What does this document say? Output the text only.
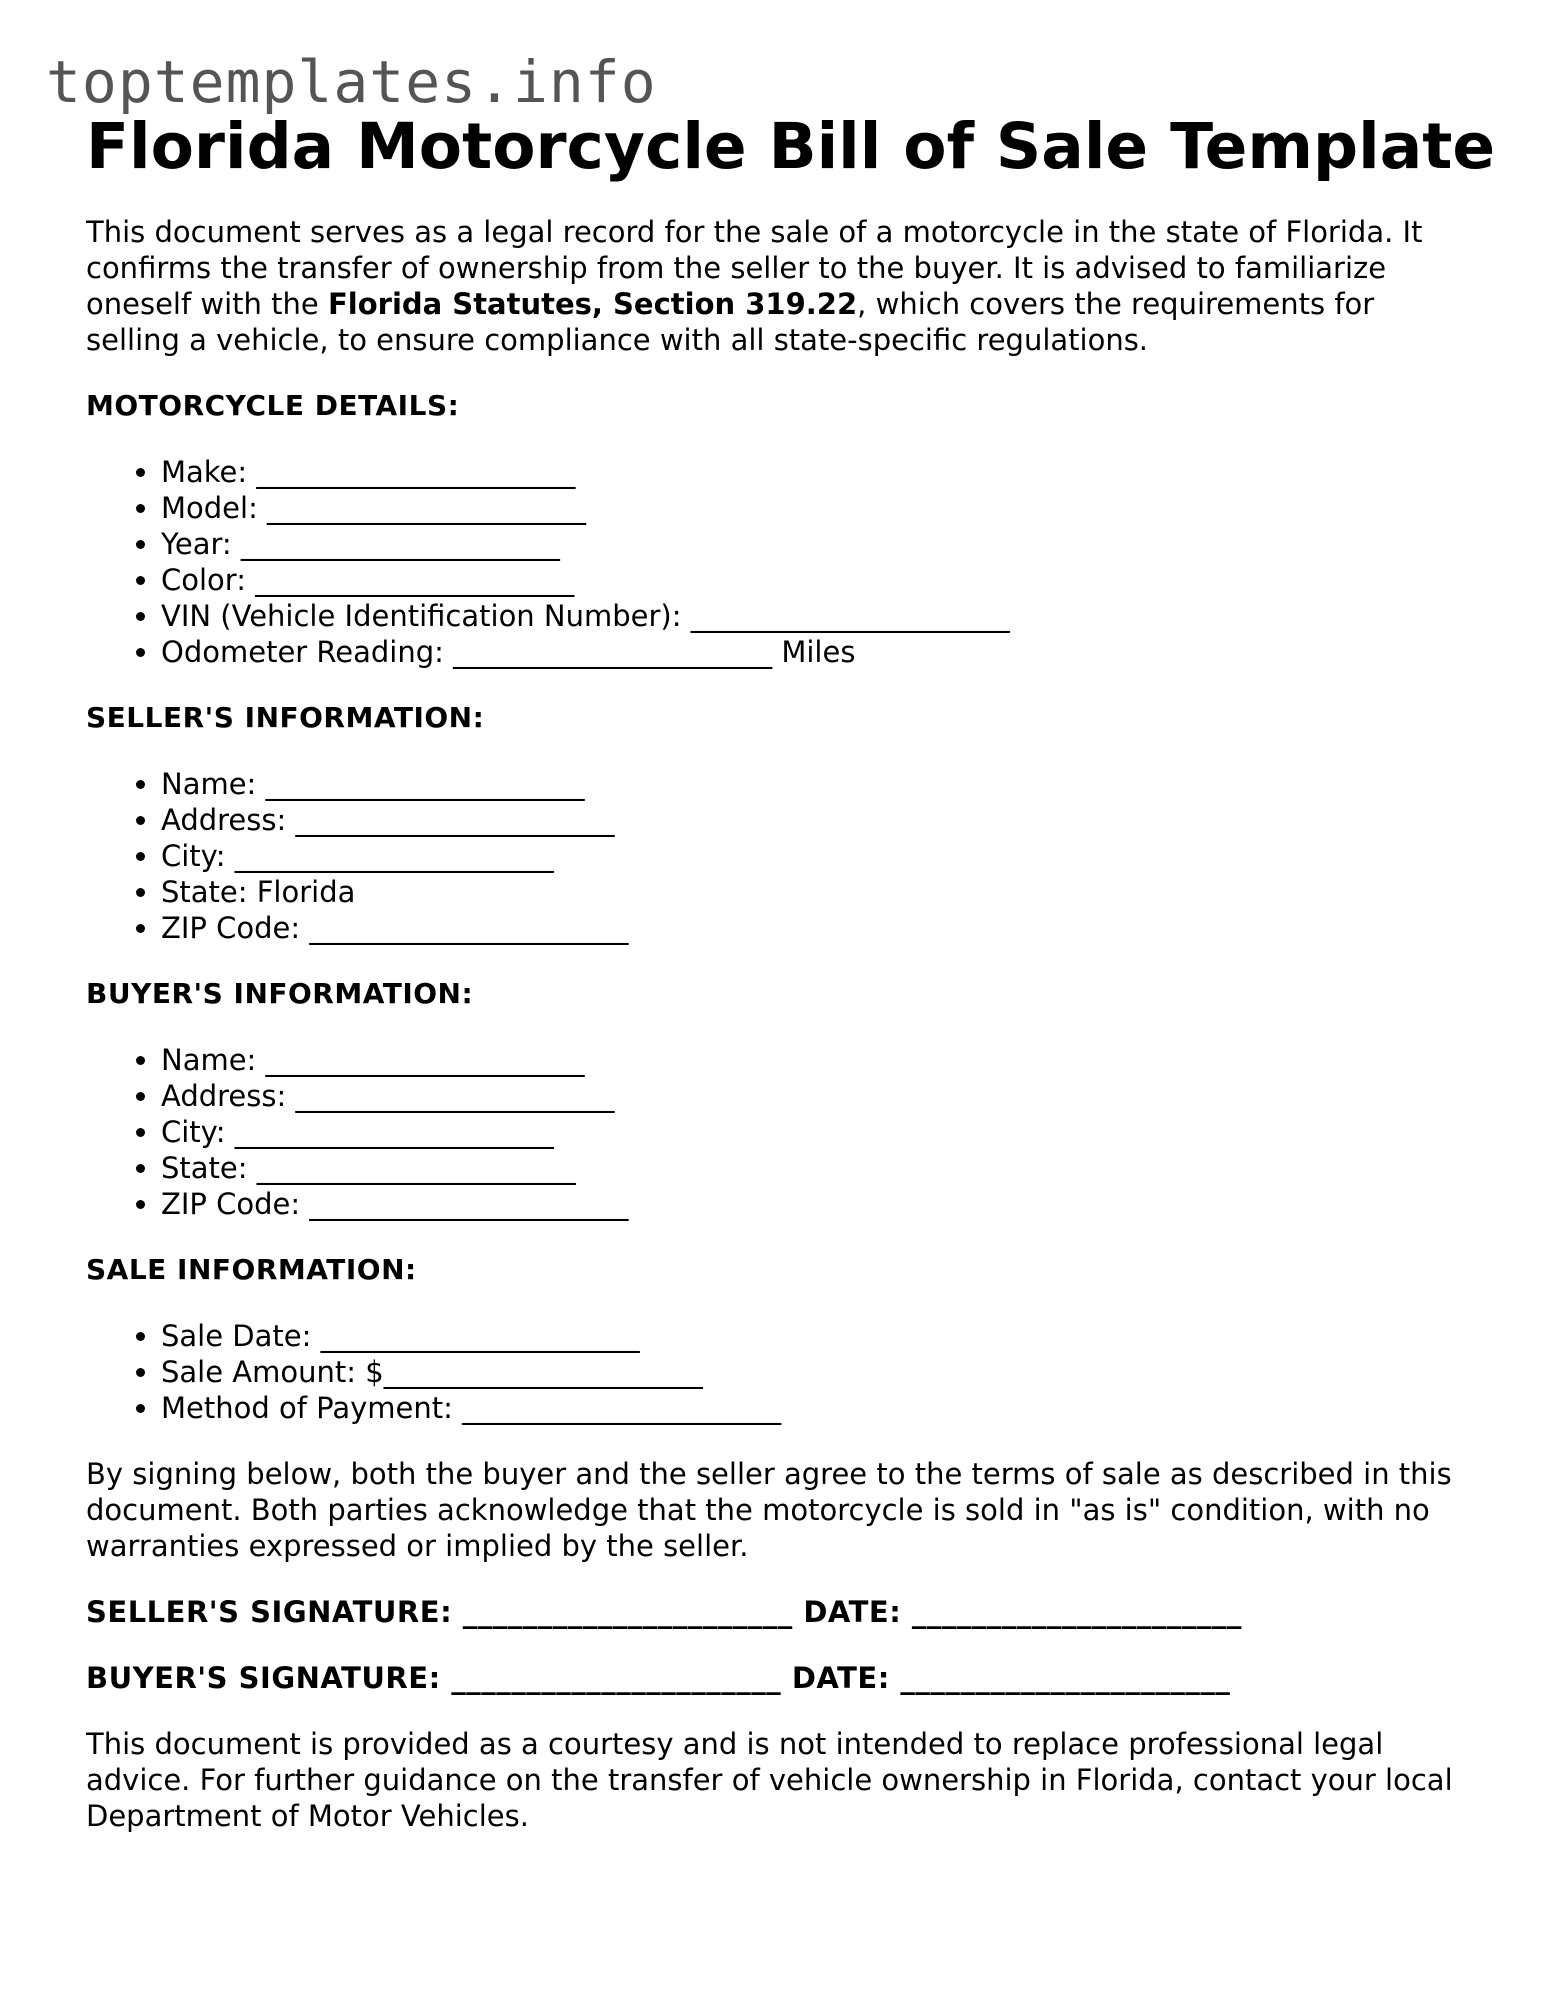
toptemplates.info
Florida Motorcycle Bill of Sale Template

This document serves as a legal record for the sale of a motorcycle in the state of Florida. It confirms the transfer of ownership from the seller to the buyer. It is advised to familiarize oneself with the Florida Statutes, Section 319.22, which covers the requirements for selling a vehicle, to ensure compliance with all state-specific regulations.

MOTORCYCLE DETAILS:
• Make: ______________________
• Model: ______________________
• Year: ______________________
• Color: ______________________
• VIN (Vehicle Identification Number): ______________________
• Odometer Reading: ______________________ Miles
SELLER'S INFORMATION:
• Name: ______________________
• Address: ______________________
• City: ______________________
• State: Florida
• ZIP Code: ______________________
BUYER'S INFORMATION:
• Name: ______________________
• Address: ______________________
• City: ______________________
• State: ______________________
• ZIP Code: ______________________
SALE INFORMATION:
• Sale Date: ______________________
• Sale Amount: $______________________
• Method of Payment: ______________________

By signing below, both the buyer and the seller agree to the terms of sale as described in this document. Both parties acknowledge that the motorcycle is sold in "as is" condition, with no warranties expressed or implied by the seller.

SELLER'S SIGNATURE: ______________________ DATE: ______________________
BUYER'S SIGNATURE: ______________________ DATE: ______________________

This document is provided as a courtesy and is not intended to replace professional legal advice. For further guidance on the transfer of vehicle ownership in Florida, contact your local Department of Motor Vehicles.
